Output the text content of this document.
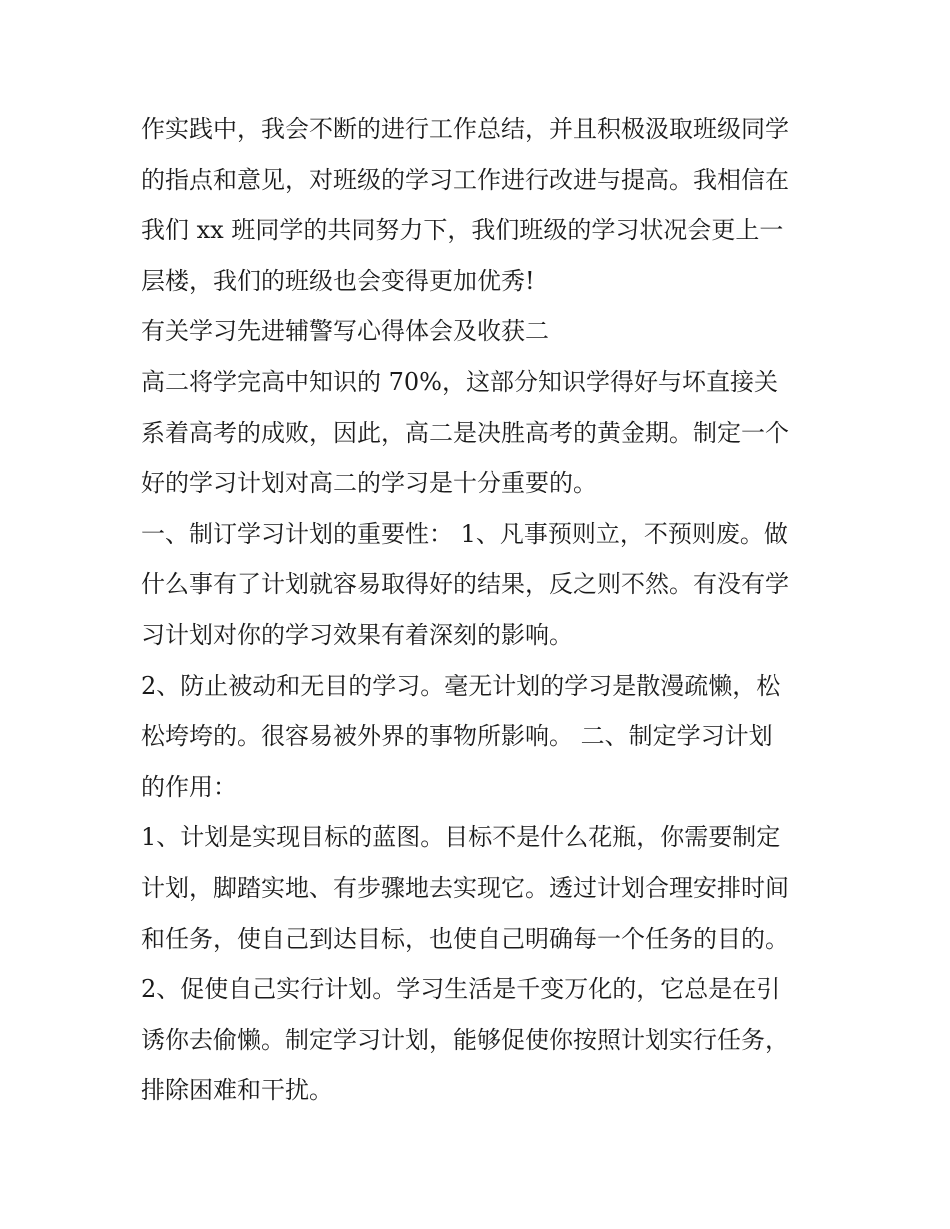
作实践中，我会不断的进行工作总结，并且积极汲取班级同学
的指点和意见，对班级的学习工作进行改进与提高。我相信在
我们 xx 班同学的共同努力下，我们班级的学习状况会更上一
层楼，我们的班级也会变得更加优秀!
有关学习先进辅警写心得体会及收获二
高二将学完高中知识的 70%，这部分知识学得好与坏直接关
系着高考的成败，因此，高二是决胜高考的黄金期。制定一个
好的学习计划对高二的学习是十分重要的。
一、制订学习计划的重要性： 1、凡事预则立，不预则废。做
什么事有了计划就容易取得好的结果，反之则不然。有没有学
习计划对你的学习效果有着深刻的影响。
2、防止被动和无目的学习。毫无计划的学习是散漫疏懒，松
松垮垮的。很容易被外界的事物所影响。 二、制定学习计划
的作用：
1、计划是实现目标的蓝图。目标不是什么花瓶，你需要制定
计划，脚踏实地、有步骤地去实现它。透过计划合理安排时间
和任务，使自己到达目标，也使自己明确每一个任务的目的。
2、促使自己实行计划。学习生活是千变万化的，它总是在引
诱你去偷懒。制定学习计划，能够促使你按照计划实行任务，
排除困难和干扰。
